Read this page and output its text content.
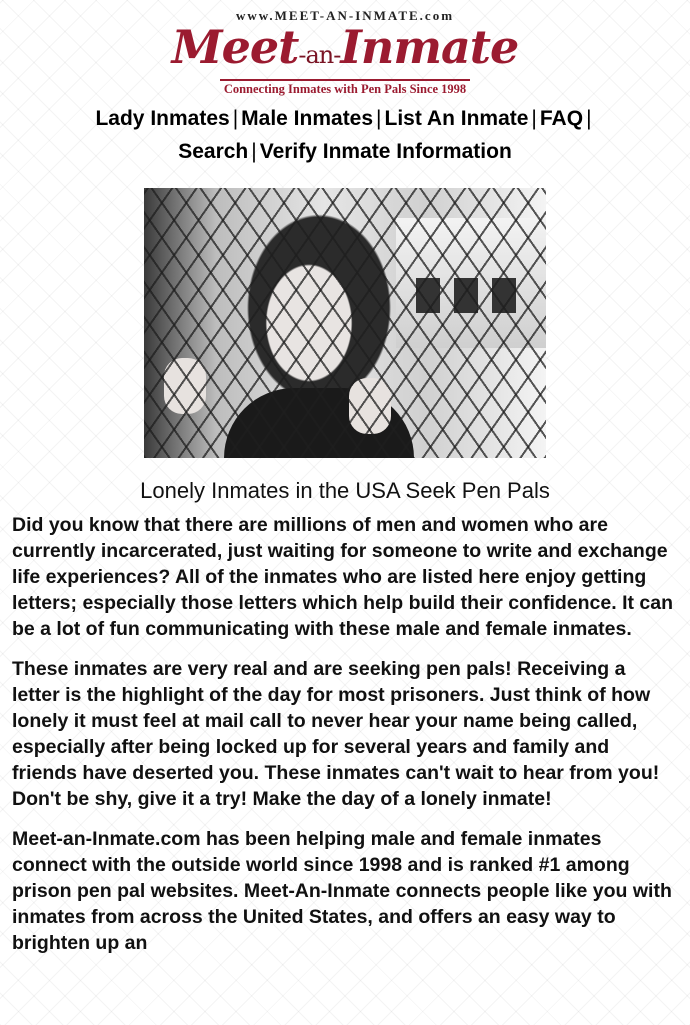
www.MEET-AN-INMATE.com
Meet-an-Inmate
Connecting Inmates with Pen Pals Since 1998
Lady Inmates | Male Inmates | List An Inmate | FAQ |
Search | Verify Inmate Information
Lonely Inmates in the USA Seek Pen Pals

Did you know that there are millions of men and women who are currently incarcerated, just waiting for someone to write and exchange life experiences? All of the inmates who are listed here enjoy getting letters; especially those letters which help build their confidence. It can be a lot of fun communicating with these male and female inmates.

These inmates are very real and are seeking pen pals! Receiving a letter is the highlight of the day for most prisoners. Just think of how lonely it must feel at mail call to never hear your name being called, especially after being locked up for several years and family and friends have deserted you. These inmates can't wait to hear from you! Don't be shy, give it a try! Make the day of a lonely inmate!

Meet-an-Inmate.com has been helping male and female inmates connect with the outside world since 1998 and is ranked #1 among prison pen pal websites. Meet-An-Inmate connects people like you with inmates from across the United States, and offers an easy way to brighten up an
